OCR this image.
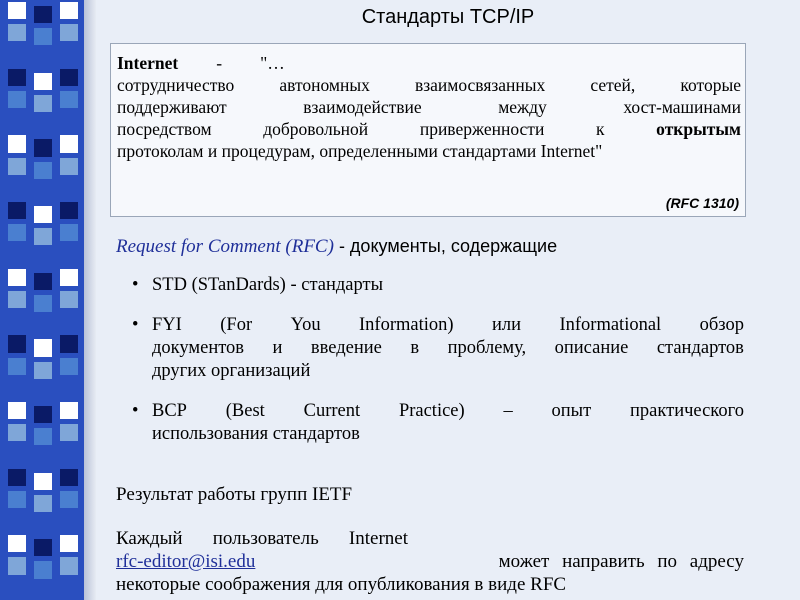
Стандарты TCP/IP
Internet - "…
сотрудничество	автономных	взаимосвязанных	сетей,	которые
поддерживают	взаимодействие	между	хост-машинами
посредством	добровольной	приверженности	к	открытым
протоколам и процедурам, определенными стандартами Internet"
(RFC 1310)
Request for Comment (RFC) - документы, содержащие
• STD (STanDards) - стандарты
• FYI (For You Information) или Informational обзор
документов и введение в проблему, описание стандартов
других организаций
• BCP (Best Current Practice) – опыт практического
использования стандартов
Результат работы групп IETF
Каждый пользователь Internet
rfc-editor@isi.edu	может направить по адресу
некоторые соображения для опубликования в виде RFC
